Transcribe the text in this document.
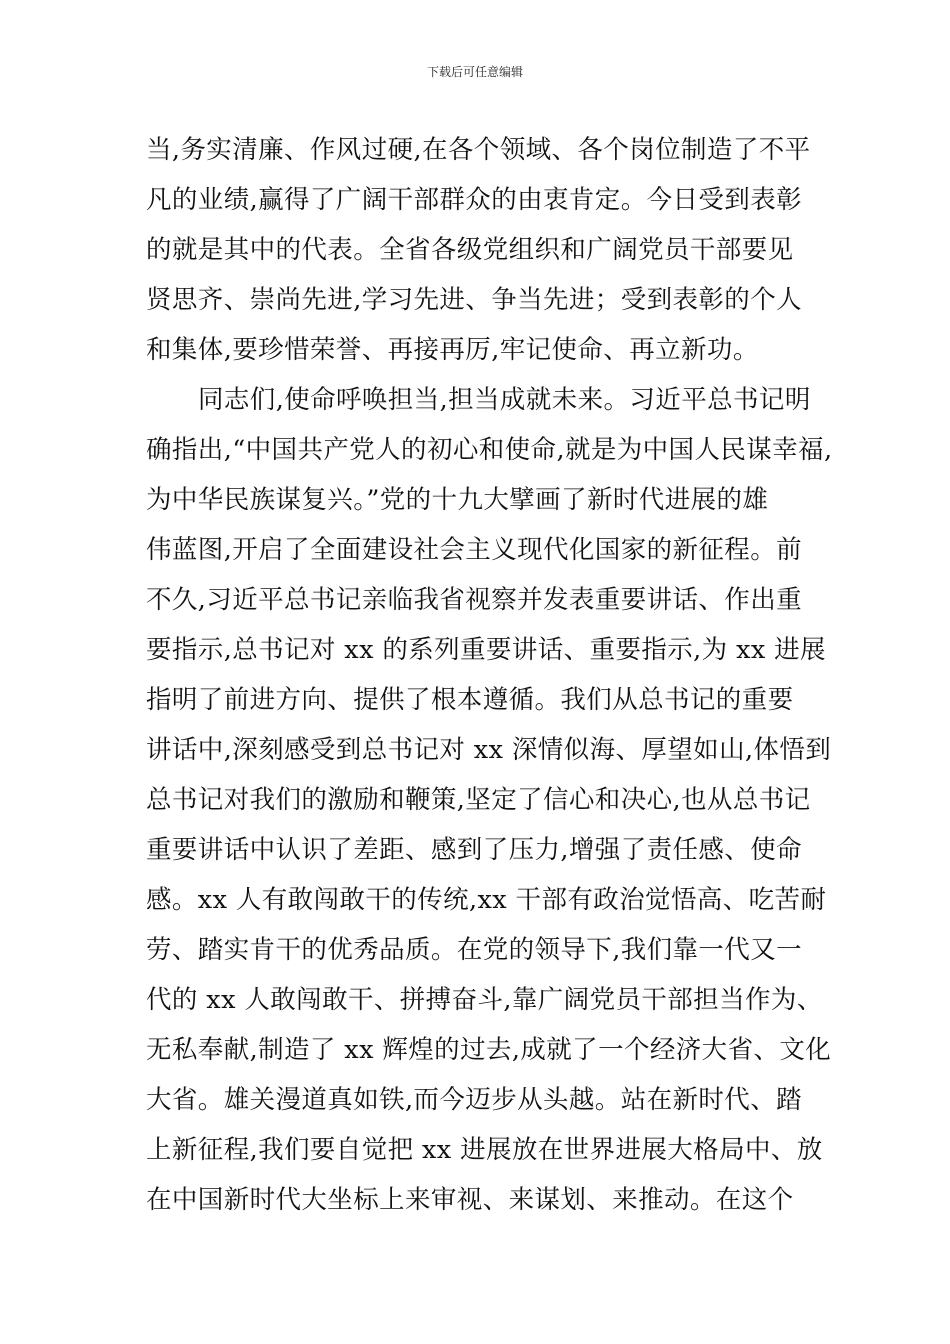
下载后可任意编辑
当,务实清廉、作风过硬,在各个领域、各个岗位制造了不平
凡的业绩,赢得了广阔干部群众的由衷肯定。今日受到表彰
的就是其中的代表。全省各级党组织和广阔党员干部要见
贤思齐、崇尚先进,学习先进、争当先进；受到表彰的个人
和集体,要珍惜荣誉、再接再厉,牢记使命、再立新功。
同志们,使命呼唤担当,担当成就未来。习近平总书记明
确指出,“中国共产党人的初心和使命,就是为中国人民谋幸福,
为中华民族谋复兴。”党的十九大擘画了新时代进展的雄
伟蓝图,开启了全面建设社会主义现代化国家的新征程。前
不久,习近平总书记亲临我省视察并发表重要讲话、作出重
要指示,总书记对 xx 的系列重要讲话、重要指示,为 xx 进展
指明了前进方向、提供了根本遵循。我们从总书记的重要
讲话中,深刻感受到总书记对 xx 深情似海、厚望如山,体悟到
总书记对我们的激励和鞭策,坚定了信心和决心,也从总书记
重要讲话中认识了差距、感到了压力,增强了责任感、使命
感。xx 人有敢闯敢干的传统,xx 干部有政治觉悟高、吃苦耐
劳、踏实肯干的优秀品质。在党的领导下,我们靠一代又一
代的 xx 人敢闯敢干、拼搏奋斗,靠广阔党员干部担当作为、
无私奉献,制造了 xx 辉煌的过去,成就了一个经济大省、文化
大省。雄关漫道真如铁,而今迈步从头越。站在新时代、踏
上新征程,我们要自觉把 xx 进展放在世界进展大格局中、放
在中国新时代大坐标上来审视、来谋划、来推动。在这个
